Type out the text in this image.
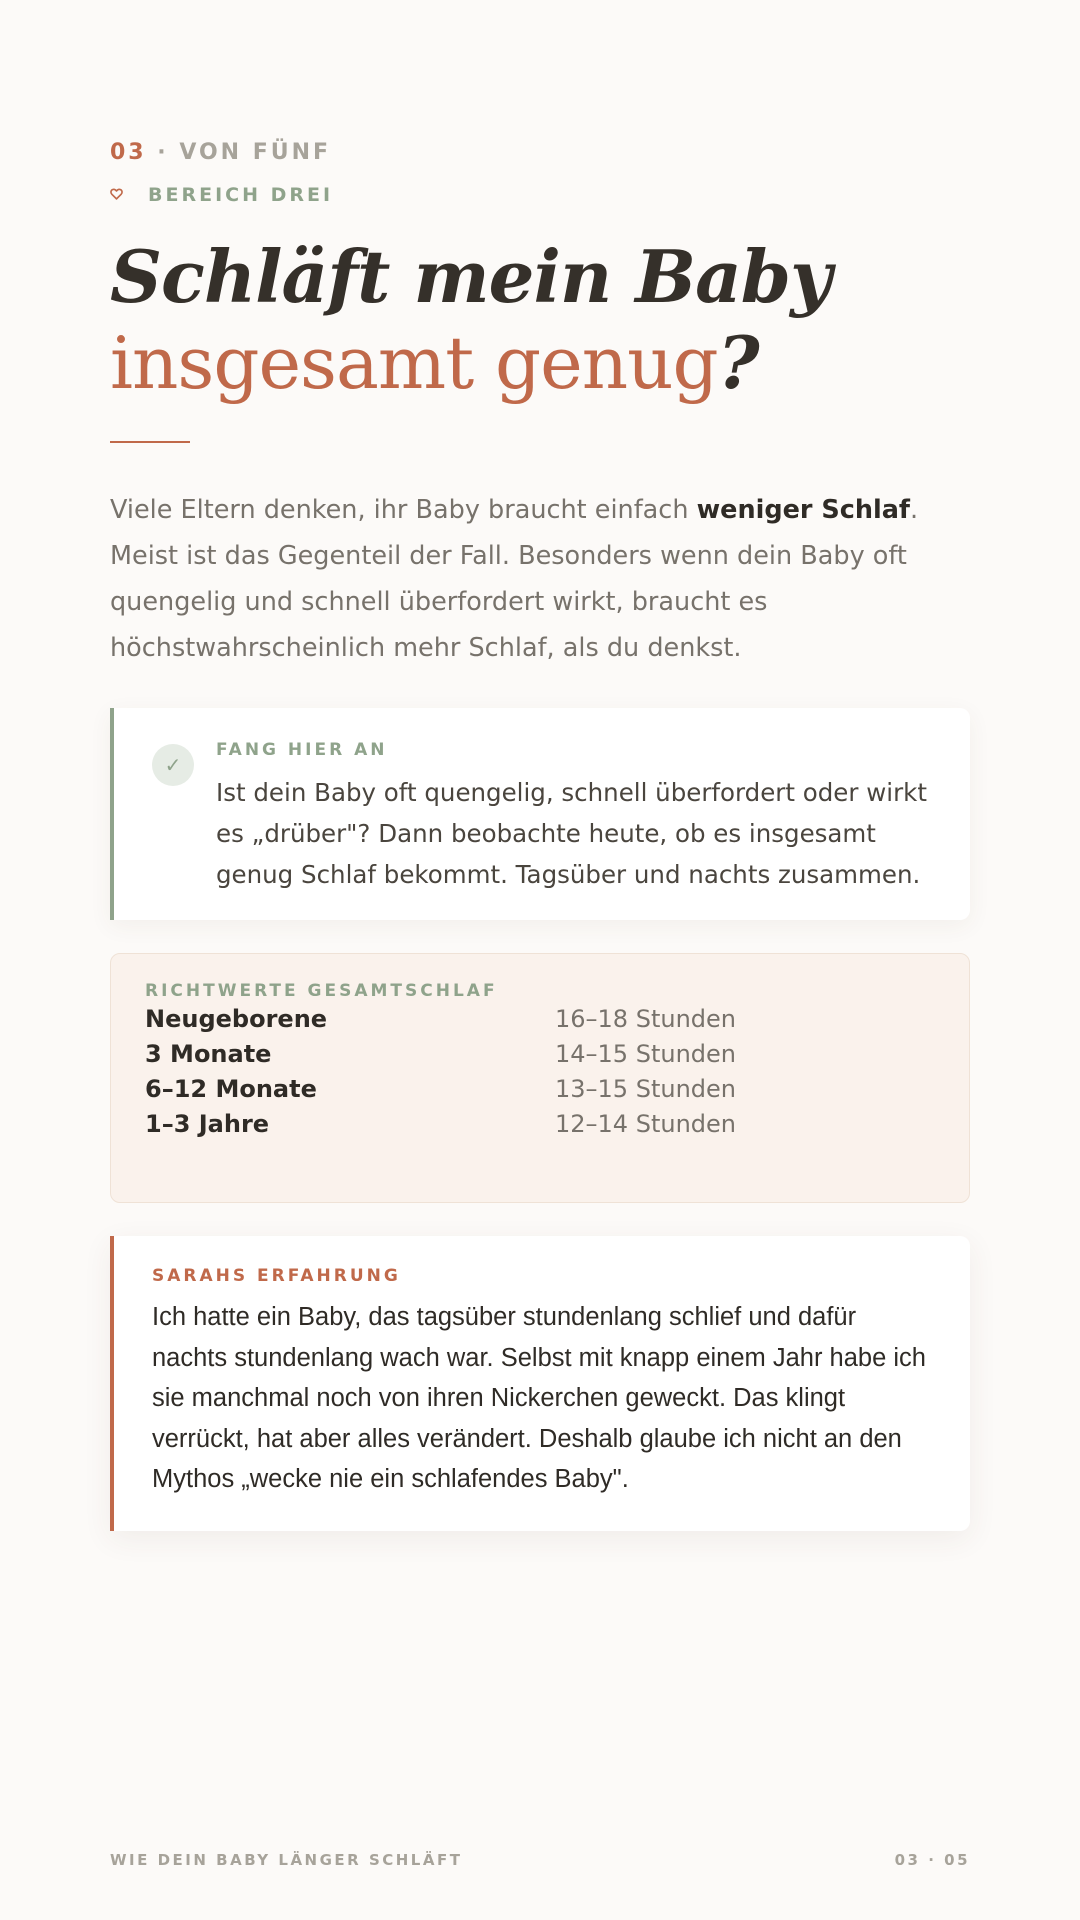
03 · VON FÜNF
BEREICH DREI
Schläft mein Baby
insgesamt genug?

Viele Eltern denken, ihr Baby braucht einfach weniger Schlaf. Meist ist das Gegenteil der Fall. Besonders wenn dein Baby oft quengelig und schnell überfordert wirkt, braucht es höchstwahrscheinlich mehr Schlaf, als du denkst.

✓
FANG HIER AN
Ist dein Baby oft quengelig, schnell überfordert oder wirkt es „drüber"? Dann beobachte heute, ob es insgesamt genug Schlaf bekommt. Tagsüber und nachts zusammen.
RICHTWERTE GESAMTSCHLAF
Neugeborene	16–18 Stunden
3 Monate	14–15 Stunden
6–12 Monate	13–15 Stunden
1–3 Jahre	12–14 Stunden
SARAHS ERFAHRUNG
Ich hatte ein Baby, das tagsüber stundenlang schlief und dafür nachts stundenlang wach war. Selbst mit knapp einem Jahr habe ich sie manchmal noch von ihren Nickerchen geweckt. Das klingt verrückt, hat aber alles verändert. Deshalb glaube ich nicht an den Mythos „wecke nie ein schlafendes Baby".
WIE DEIN BABY LÄNGER SCHLÄFT	03 · 05
